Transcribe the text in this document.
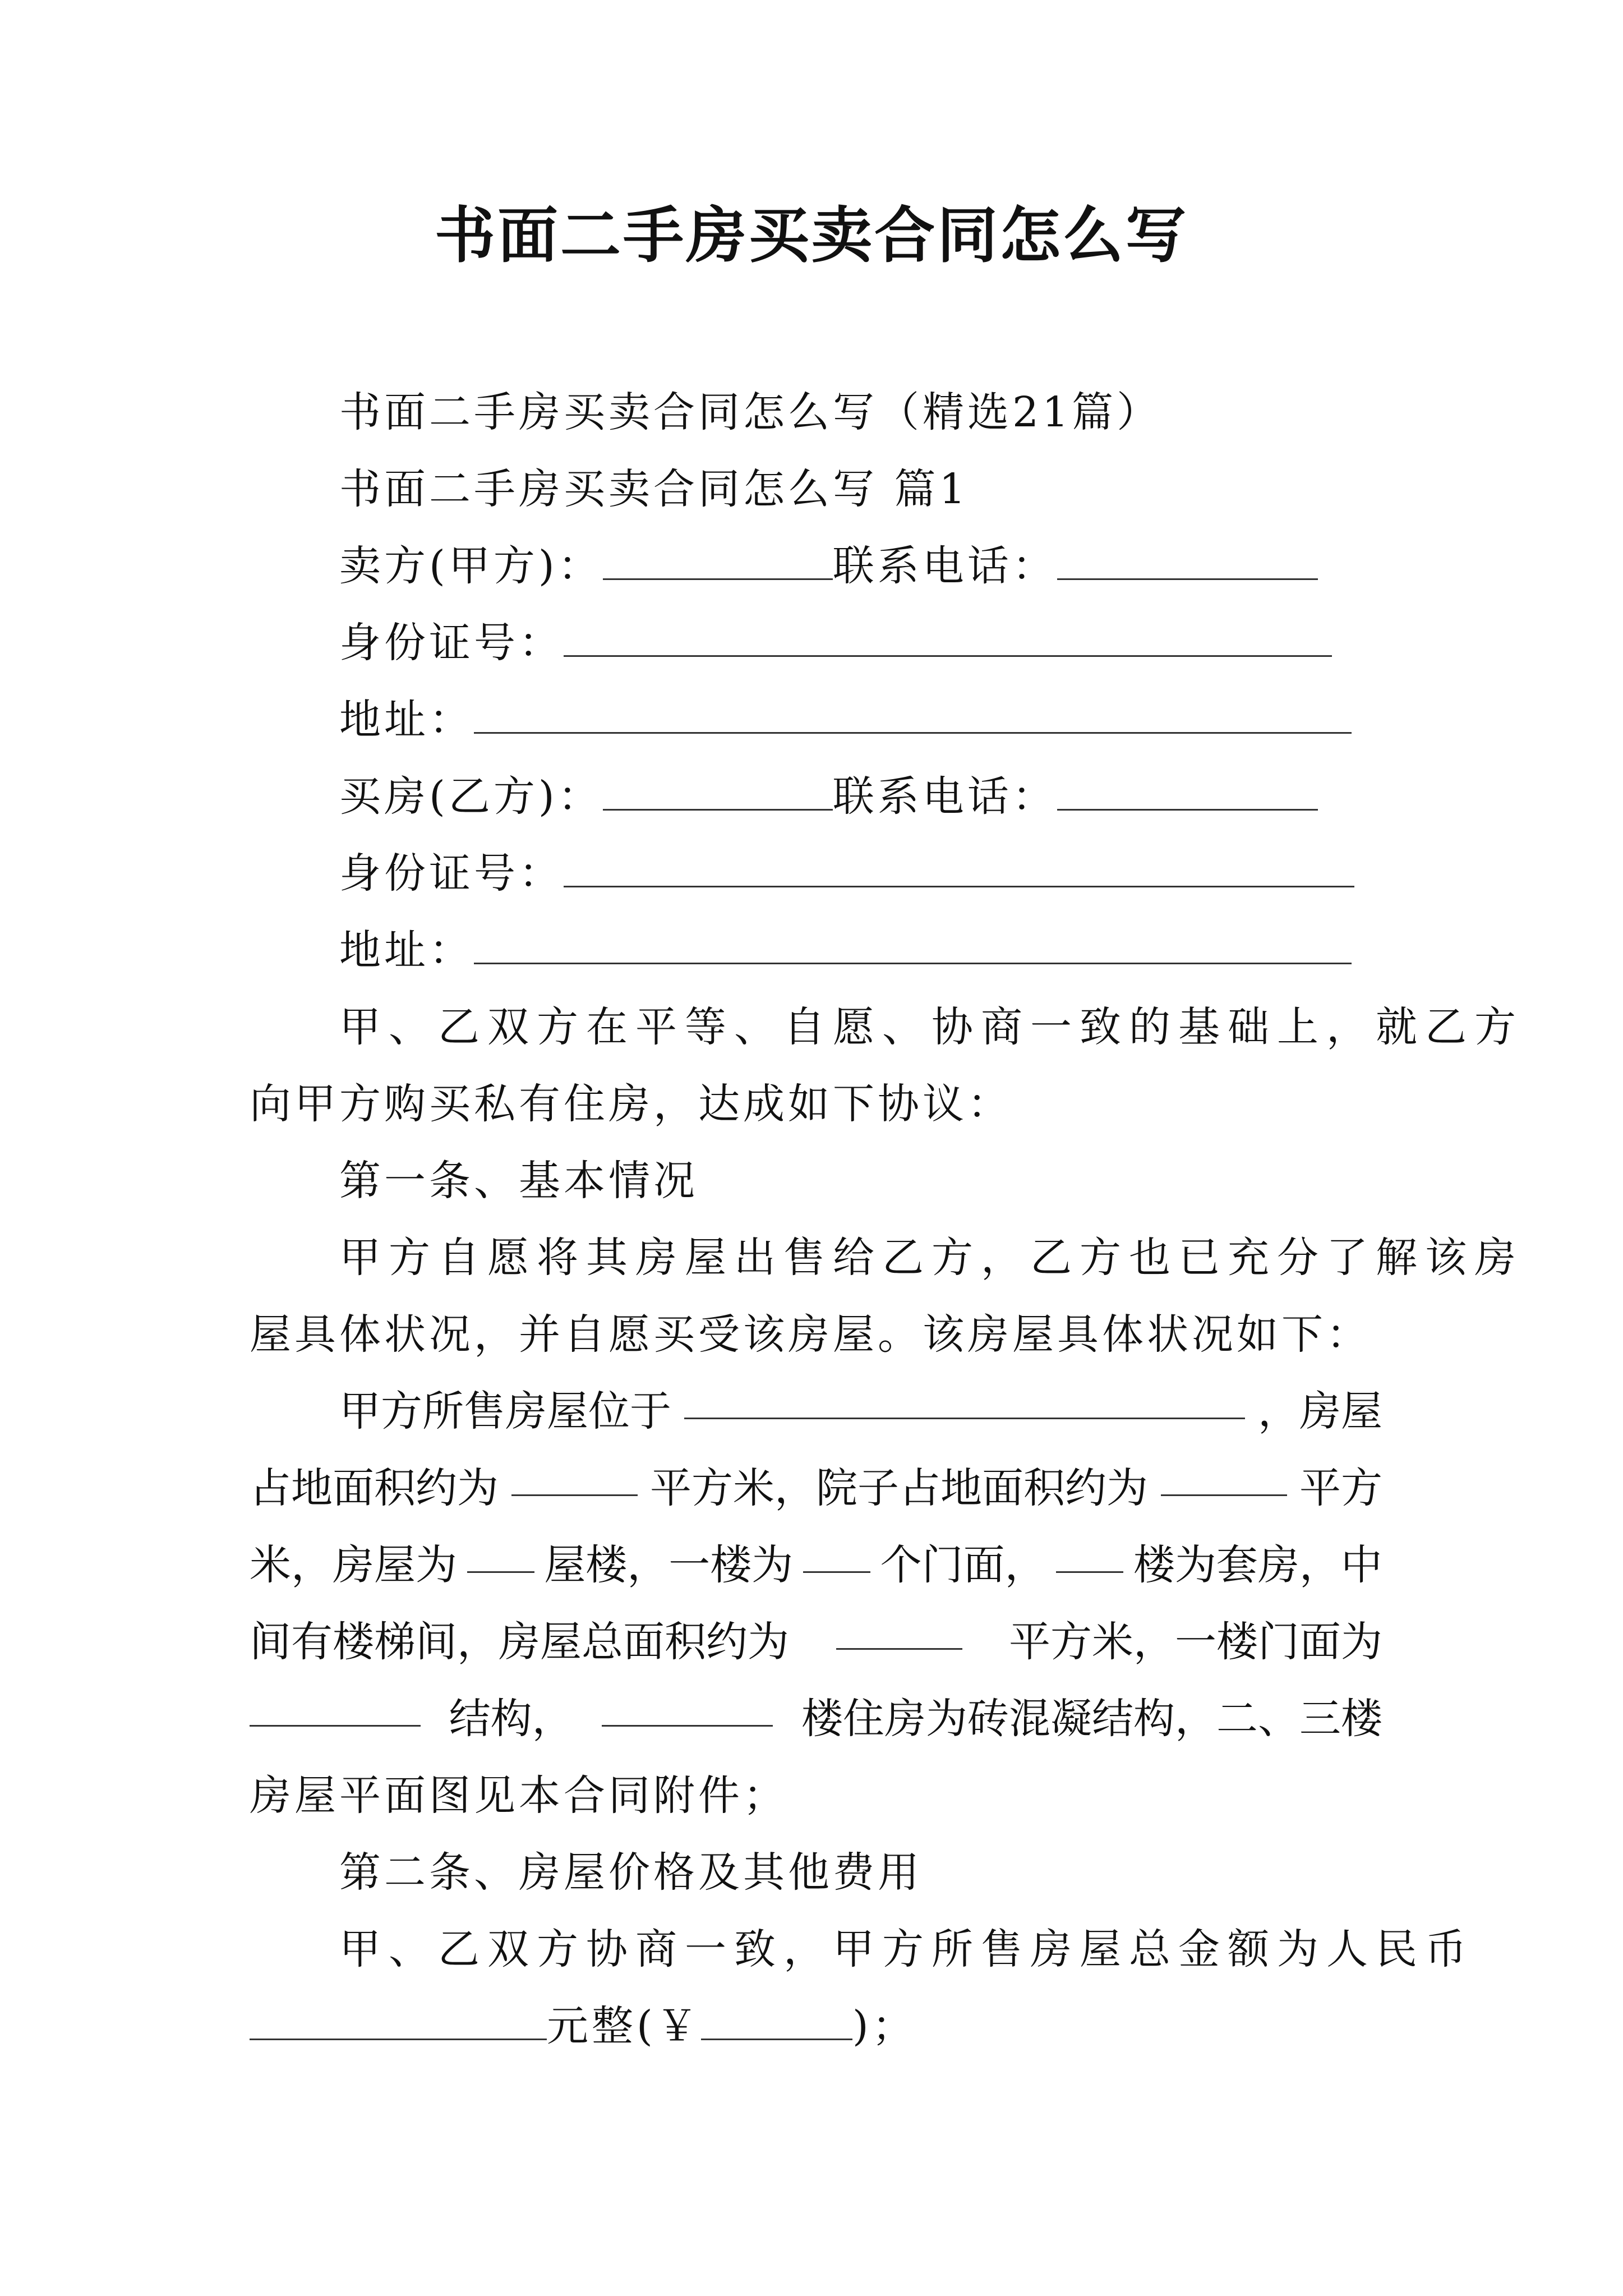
书面二手房买卖合同怎么写
书面二手房买卖合同怎么写（精选21篇）
书面二手房买卖合同怎么写 篇1
卖方(甲方)：	联系电话：
身份证号：
地址：
买房(乙方)：	联系电话：
身份证号：
地址：
甲、乙双方在平等、自愿、协商一致的基础上，就乙方
向甲方购买私有住房，达成如下协议：
第一条、基本情况
甲方自愿将其房屋出售给乙方，乙方也已充分了解该房
屋具体状况，并自愿买受该房屋。该房屋具体状况如下：
甲方所售房屋位于	，房屋
占地面积约为	平方米，院子占地面积约为	平方
米，房屋为 屋楼，一楼为 个门面， 楼为套房，中
间有楼梯间，房屋总面积约为	平方米，一楼门面为
结构，	楼住房为砖混凝结构，二、三楼
房屋平面图见本合同附件；
第二条、房屋价格及其他费用
甲、乙双方协商一致，甲方所售房屋总金额为人民币
元整(￥	)；
